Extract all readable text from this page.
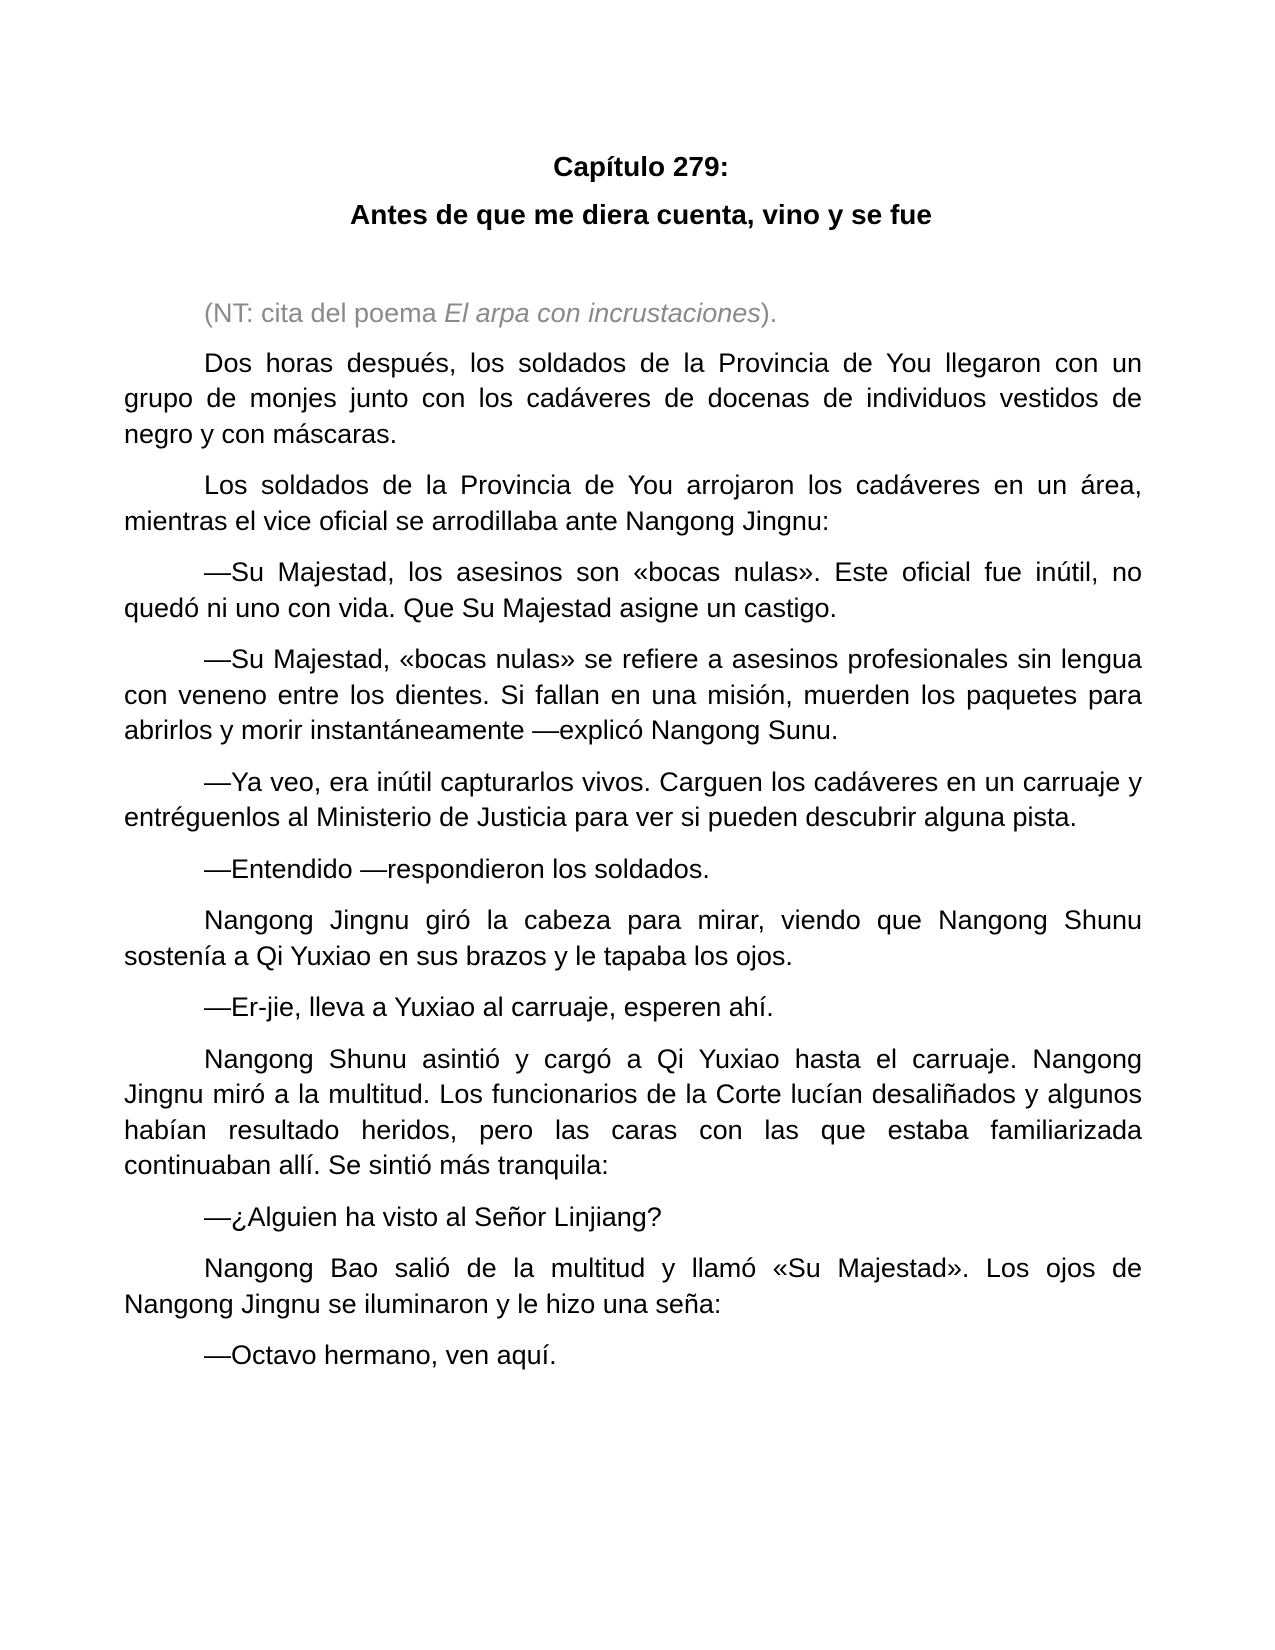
Capítulo 279:
Antes de que me diera cuenta, vino y se fue

(NT: cita del poema El arpa con incrustaciones).

Dos horas después, los soldados de la Provincia de You llegaron con un grupo de monjes junto con los cadáveres de docenas de individuos vestidos de negro y con máscaras.

Los soldados de la Provincia de You arrojaron los cadáveres en un área, mientras el vice oficial se arrodillaba ante Nangong Jingnu:

—Su Majestad, los asesinos son «bocas nulas». Este oficial fue inútil, no quedó ni uno con vida. Que Su Majestad asigne un castigo.

—Su Majestad, «bocas nulas» se refiere a asesinos profesionales sin lengua con veneno entre los dientes. Si fallan en una misión, muerden los paquetes para abrirlos y morir instantáneamente —explicó Nangong Sunu.

—Ya veo, era inútil capturarlos vivos. Carguen los cadáveres en un carruaje y entréguenlos al Ministerio de Justicia para ver si pueden descubrir alguna pista.

—Entendido —respondieron los soldados.

Nangong Jingnu giró la cabeza para mirar, viendo que Nangong Shunu sostenía a Qi Yuxiao en sus brazos y le tapaba los ojos.

—Er-jie, lleva a Yuxiao al carruaje, esperen ahí.

Nangong Shunu asintió y cargó a Qi Yuxiao hasta el carruaje. Nangong Jingnu miró a la multitud. Los funcionarios de la Corte lucían desaliñados y algunos habían resultado heridos, pero las caras con las que estaba familiarizada continuaban allí. Se sintió más tranquila:

—¿Alguien ha visto al Señor Linjiang?

Nangong Bao salió de la multitud y llamó «Su Majestad». Los ojos de Nangong Jingnu se iluminaron y le hizo una seña:

—Octavo hermano, ven aquí.
